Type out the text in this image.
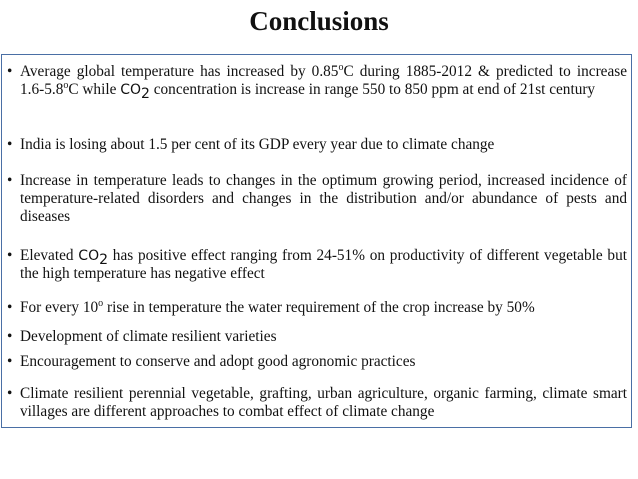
Conclusions
• Average global temperature has increased by 0.85$^o$C during 1885-2012 & predicted to increase 1.6-5.8$^o$C while $CO_2$ concentration is increase in range 550 to 850 ppm at end of 21st century
• India is losing about 1.5 per cent of its GDP every year due to climate change
• Increase in temperature leads to changes in the optimum growing period, increased incidence of temperature-related disorders and changes in the distribution and/or abundance of pests and diseases
• Elevated $CO_2$ has positive effect ranging from 24-51% on productivity of different vegetable but the high temperature has negative effect
• For every 10$^o$ rise in temperature the water requirement of the crop increase by 50%
• Development of climate resilient varieties
• Encouragement to conserve and adopt good agronomic practices
• Climate resilient perennial vegetable, grafting, urban agriculture, organic farming, climate smart villages are different approaches to combat effect of climate change
